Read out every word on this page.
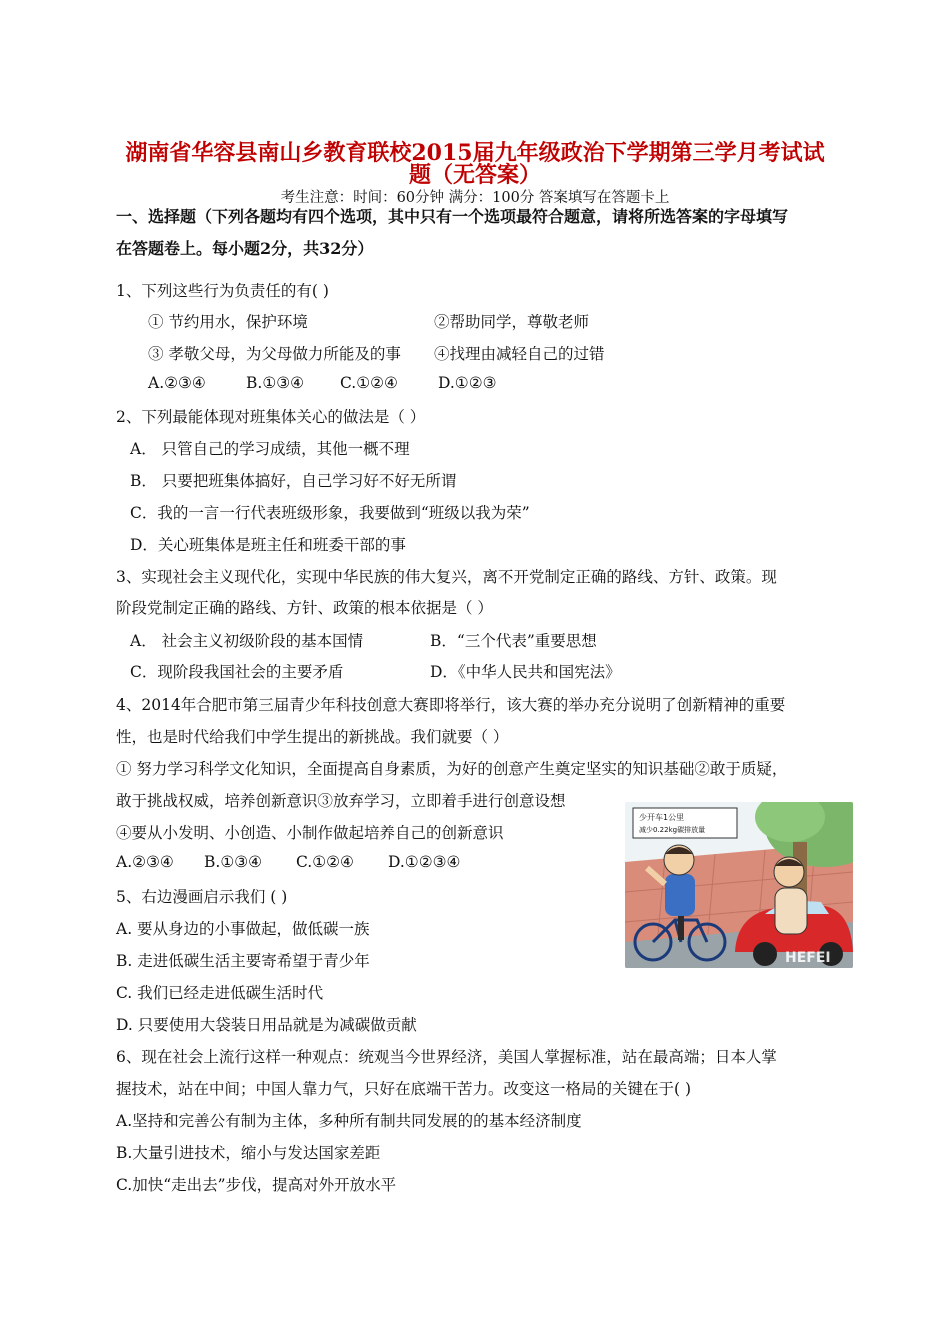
湖南省华容县南山乡教育联校2015届九年级政治下学期第三学月考试试
题（无答案）
考生注意：时间：60分钟 满分：100分 答案填写在答题卡上
一、选择题（下列各题均有四个选项，其中只有一个选项最符合题意，请将所选答案的字母填写
在答题卷上。每小题2分，共32分）
1、下列这些行为负责任的有( )
① 节约用水，保护环境	②帮助同学，尊敬老师
③ 孝敬父母，为父母做力所能及的事 ④找理由减轻自己的过错
A.②③④	B.①③④ C.①②④	D.①②③
2、下列最能体现对班集体关心的做法是（ ）
A． 只管自己的学习成绩，其他一概不理
B． 只要把班集体搞好，自己学习好不好无所谓
C．我的一言一行代表班级形象，我要做到“班级以我为荣”
D．关心班集体是班主任和班委干部的事
3、实现社会主义现代化，实现中华民族的伟大复兴，离不开党制定正确的路线、方针、政策。现
阶段党制定正确的路线、方针、政策的根本依据是（ ）
A． 社会主义初级阶段的基本国情	B．“三个代表”重要思想
C．现阶段我国社会的主要矛盾	D．《中华人民共和国宪法》
4、2014年合肥市第三届青少年科技创意大赛即将举行，该大赛的举办充分说明了创新精神的重要
性，也是时代给我们中学生提出的新挑战。我们就要（ ）
① 努力学习科学文化知识，全面提高自身素质，为好的创意产生奠定坚实的知识基础②敢于质疑，
敢于挑战权威，培养创新意识③放弃学习，立即着手进行创意设想
④要从小发明、小创造、小制作做起培养自己的创新意识
A.②③④ B.①③④ C.①②④ D.①②③④
5、右边漫画启示我们 ( )
A. 要从身边的小事做起，做低碳一族
B. 走进低碳生活主要寄希望于青少年
C. 我们已经走进低碳生活时代
D. 只要使用大袋装日用品就是为减碳做贡献
少开车1公里
减少0.22kg碳排放量
HEFEI
6、现在社会上流行这样一种观点：统观当今世界经济，美国人掌握标准，站在最高端；日本人掌
握技术，站在中间；中国人靠力气，只好在底端干苦力。改变这一格局的关键在于( )
A.坚持和完善公有制为主体，多种所有制共同发展的的基本经济制度
B.大量引进技术，缩小与发达国家差距
C.加快“走出去”步伐，提高对外开放水平
